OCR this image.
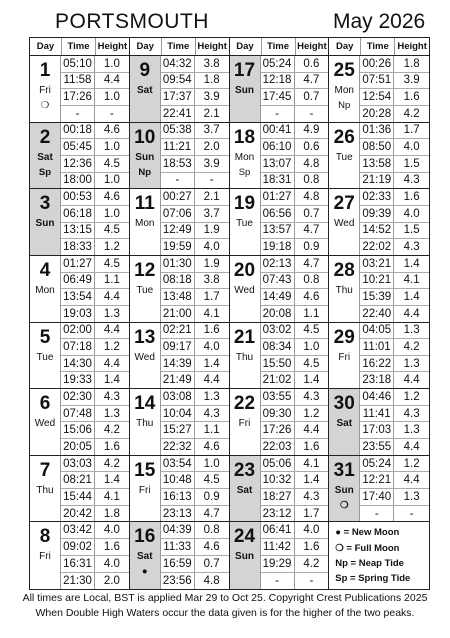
PORTSMOUTH	May 2026
Day	Time Height Day	Time Height Day	Time Height Day	Time Height
1
Fri
❍
05:10	1.0
11:58	4.4
17:26	1.0
-	-
9
Sat
04:32	3.8
09:54	1.8
17:37	3.9
22:41	2.1
17
Sun
05:24	0.6
12:18	4.7
17:45	0.7
-	-
25
Mon
Np
00:26	1.8
07:51	3.9
12:54	1.6
20:28	4.2
2
Sat
Sp
00:18	4.6
05:45	1.0
12:36	4.5
18:00	1.0
10
Sun
Np
05:38	3.7
11:21	2.0
18:53	3.9
-	-
18
Mon
Sp
00:41	4.9
06:10	0.6
13:07	4.8
18:31	0.8
26
Tue
01:36	1.7
08:50	4.0
13:58	1.5
21:19	4.3
3
Sun
00:53	4.6
06:18	1.0
13:15	4.5
18:33	1.2
11
Mon
00:27	2.1
07:06	3.7
12:49	1.9
19:59	4.0
19
Tue
01:27	4.8
06:56	0.7
13:57	4.7
19:18	0.9
27
Wed
02:33	1.6
09:39	4.0
14:52	1.5
22:02	4.3
4
Mon
01:27	4.5
06:49	1.1
13:54	4.4
19:03	1.3
12
Tue
01:30	1.9
08:18	3.8
13:48	1.7
21:00	4.1
20
Wed
02:13	4.7
07:43	0.8
14:49	4.6
20:08	1.1
28
Thu
03:21	1.4
10:21	4.1
15:39	1.4
22:40	4.4
5
Tue
02:00	4.4
07:18	1.2
14:30	4.4
19:33	1.4
13
Wed
02:21	1.6
09:17	4.0
14:39	1.4
21:49	4.4
21
Thu
03:02	4.5
08:34	1.0
15:50	4.5
21:02	1.4
29
Fri
04:05	1.3
11:01	4.2
16:22	1.3
23:18	4.4
6
Wed
02:30	4.3
07:48	1.3
15:06	4.2
20:05	1.6
14
Thu
03:08	1.3
10:04	4.3
15:27	1.1
22:32	4.6
22
Fri
03:55	4.3
09:30	1.2
17:26	4.4
22:03	1.6
30
Sat
04:46	1.2
11:41	4.3
17:03	1.3
23:55	4.4
7
Thu
03:03	4.2
08:21	1.4
15:44	4.1
20:42	1.8
15
Fri
03:54	1.0
10:48	4.5
16:13	0.9
23:13	4.7
23
Sat
05:06	4.1
10:32	1.4
18:27	4.3
23:12	1.7
31
Sun
❍
05:24	1.2
12:21	4.4
17:40	1.3
-	-
8
Fri
03:42	4.0
09:02	1.6
16:31	4.0
21:30	2.0
16
Sat
●
04:39	0.8
11:33	4.6
16:59	0.7
23:56	4.8
24
Sun
06:41	4.0
11:42	1.6
19:29	4.2
-	-
● = New Moon
❍ = Full Moon
Np = Neap Tide
Sp = Spring Tide
All times are Local, BST is applied Mar 29 to Oct 25. Copyright Crest Publications 2025
When Double High Waters occur the data given is for the higher of the two peaks.
